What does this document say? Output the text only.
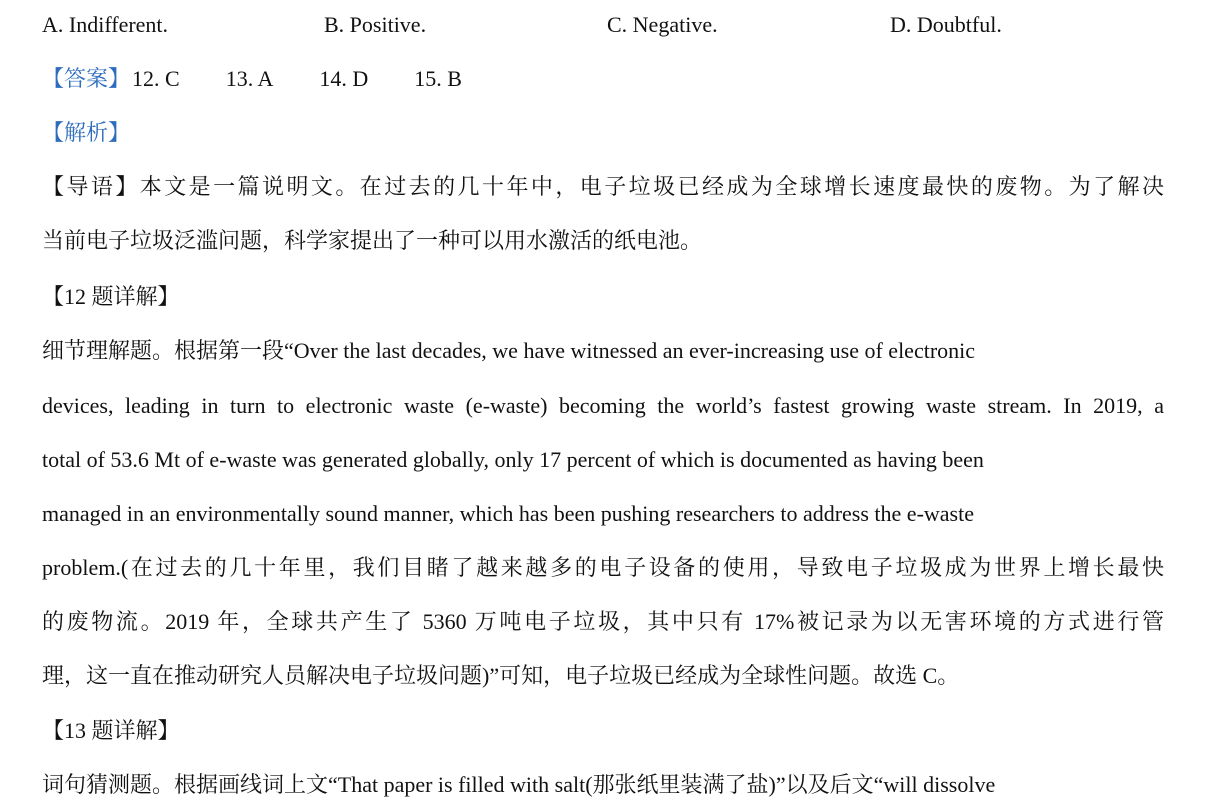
A. Indifferent.	B. Positive.	C. Negative.	D. Doubtful.
【答案】12. C 13. A 14. D 15. B
【解析】
【导语】本文是一篇说明文。在过去的几十年中，电子垃圾已经成为全球增长速度最快的废物。为了解决
当前电子垃圾泛滥问题，科学家提出了一种可以用水激活的纸电池。
【12 题详解】
细节理解题。根据第一段“Over the last decades, we have witnessed an ever-increasing use of electronic
devices, leading in turn to electronic waste (e-waste) becoming the world’s fastest growing waste stream. In 2019, a
total of 53.6 Mt of e-waste was generated globally, only 17 percent of which is documented as having been
managed in an environmentally sound manner, which has been pushing researchers to address the e-waste
problem.(在过去的几十年里，我们目睹了越来越多的电子设备的使用，导致电子垃圾成为世界上增长最快
的废物流。2019 年，全球共产生了 5360 万吨电子垃圾，其中只有 17%被记录为以无害环境的方式进行管
理，这一直在推动研究人员解决电子垃圾问题)”可知，电子垃圾已经成为全球性问题。故选 C。
【13 题详解】
词句猜测题。根据画线词上文“That paper is filled with salt(那张纸里装满了盐)”以及后文“will dissolve
